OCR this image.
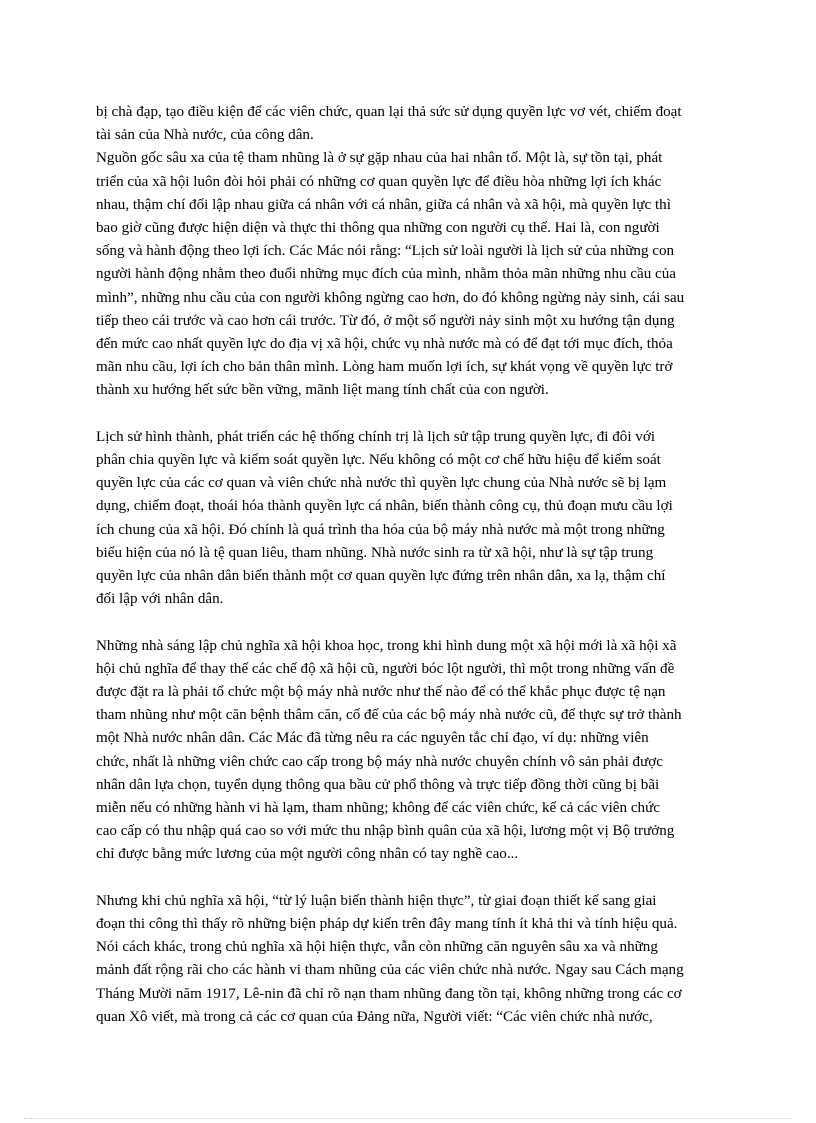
bị chà đạp, tạo điều kiện để các viên chức, quan lại thả sức sử dụng quyền lực vơ vét, chiếm đoạt
tài sản của Nhà nước, của công dân.

Nguồn gốc sâu xa của tệ tham nhũng là ở sự gặp nhau của hai nhân tố. Một là, sự tồn tại, phát
triển của xã hội luôn đòi hỏi phải có những cơ quan quyền lực để điều hòa những lợi ích khác
nhau, thậm chí đối lập nhau giữa cá nhân với cá nhân, giữa cá nhân và xã hội, mà quyền lực thì
bao giờ cũng được hiện diện và thực thi thông qua những con người cụ thể. Hai là, con người
sống và hành động theo lợi ích. Các Mác nói rằng: “Lịch sử loài người là lịch sử của những con
người hành động nhằm theo đuổi những mục đích của mình, nhằm thỏa mãn những nhu cầu của
mình”, những nhu cầu của con người không ngừng cao hơn, do đó không ngừng nảy sinh, cái sau
tiếp theo cái trước và cao hơn cái trước. Từ đó, ở một số người nảy sinh một xu hướng tận dụng
đến mức cao nhất quyền lực do địa vị xã hội, chức vụ nhà nước mà có để đạt tới mục đích, thỏa
mãn nhu cầu, lợi ích cho bản thân mình. Lòng ham muốn lợi ích, sự khát vọng về quyền lực trở
thành xu hướng hết sức bền vững, mãnh liệt mang tính chất của con người.

Lịch sử hình thành, phát triển các hệ thống chính trị là lịch sử tập trung quyền lực, đi đôi với
phân chia quyền lực và kiểm soát quyền lực. Nếu không có một cơ chế hữu hiệu để kiểm soát
quyền lực của các cơ quan và viên chức nhà nước thì quyền lực chung của Nhà nước sẽ bị lạm
dụng, chiếm đoạt, thoái hóa thành quyền lực cá nhân, biến thành công cụ, thủ đoạn mưu cầu lợi
ích chung của xã hội. Đó chính là quá trình tha hóa của bộ máy nhà nước mà một trong những
biểu hiện của nó là tệ quan liêu, tham nhũng. Nhà nước sinh ra từ xã hội, như là sự tập trung
quyền lực của nhân dân biến thành một cơ quan quyền lực đứng trên nhân dân, xa lạ, thậm chí
đối lập với nhân dân.

Những nhà sáng lập chủ nghĩa xã hội khoa học, trong khi hình dung một xã hội mới là xã hội xã
hội chủ nghĩa để thay thế các chế độ xã hội cũ, người bóc lột người, thì một trong những vấn đề
được đặt ra là phải tổ chức một bộ máy nhà nước như thế nào để có thể khắc phục được tệ nạn
tham nhũng như một căn bệnh thâm căn, cố đế của các bộ máy nhà nước cũ, để thực sự trở thành
một Nhà nước nhân dân. Các Mác đã từng nêu ra các nguyên tắc chỉ đạo, ví dụ: những viên
chức, nhất là những viên chức cao cấp trong bộ máy nhà nước chuyên chính vô sản phải được
nhân dân lựa chọn, tuyển dụng thông qua bầu cử phổ thông và trực tiếp đồng thời cũng bị bãi
miễn nếu có những hành vi hà lạm, tham nhũng; không để các viên chức, kể cả các viên chức
cao cấp có thu nhập quá cao so với mức thu nhập bình quân của xã hội, lương một vị Bộ trưởng
chỉ được bằng mức lương của một người công nhân có tay nghề cao...

Nhưng khi chủ nghĩa xã hội, “từ lý luận biến thành hiện thực”, từ giai đoạn thiết kế sang giai
đoạn thi công thì thấy rõ những biện pháp dự kiến trên đây mang tính ít khả thi và tính hiệu quả.
Nói cách khác, trong chủ nghĩa xã hội hiện thực, vẫn còn những căn nguyên sâu xa và những
mảnh đất rộng rãi cho các hành vi tham nhũng của các viên chức nhà nước. Ngay sau Cách mạng
Tháng Mười năm 1917, Lê-nin đã chỉ rõ nạn tham nhũng đang tồn tại, không những trong các cơ
quan Xô viết, mà trong cả các cơ quan của Đảng nữa, Người viết: “Các viên chức nhà nước,
